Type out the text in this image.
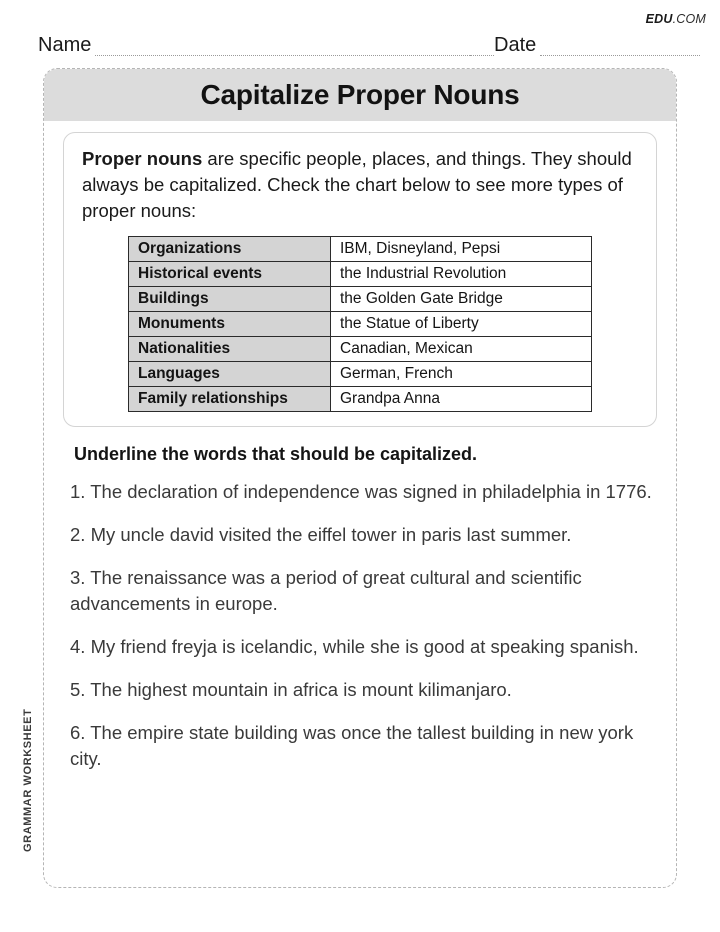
EDU.COM
Name	Date
GRAMMAR WORKSHEET
Capitalize Proper Nouns

Proper nouns are specific people, places, and things. They should always be capitalized. Check the chart below to see more types of proper nouns:

Organizations	IBM, Disneyland, Pepsi
Historical events	the Industrial Revolution
Buildings	the Golden Gate Bridge
Monuments	the Statue of Liberty
Nationalities	Canadian, Mexican
Languages	German, French
Family relationships	Grandpa Anna

Underline the words that should be capitalized.

1. The declaration of independence was signed in philadelphia in 1776.

2. My uncle david visited the eiffel tower in paris last summer.

3. The renaissance was a period of great cultural and scientific advancements in europe.

4. My friend freyja is icelandic, while she is good at speaking spanish.

5. The highest mountain in africa is mount kilimanjaro.

6. The empire state building was once the tallest building in new york city.
